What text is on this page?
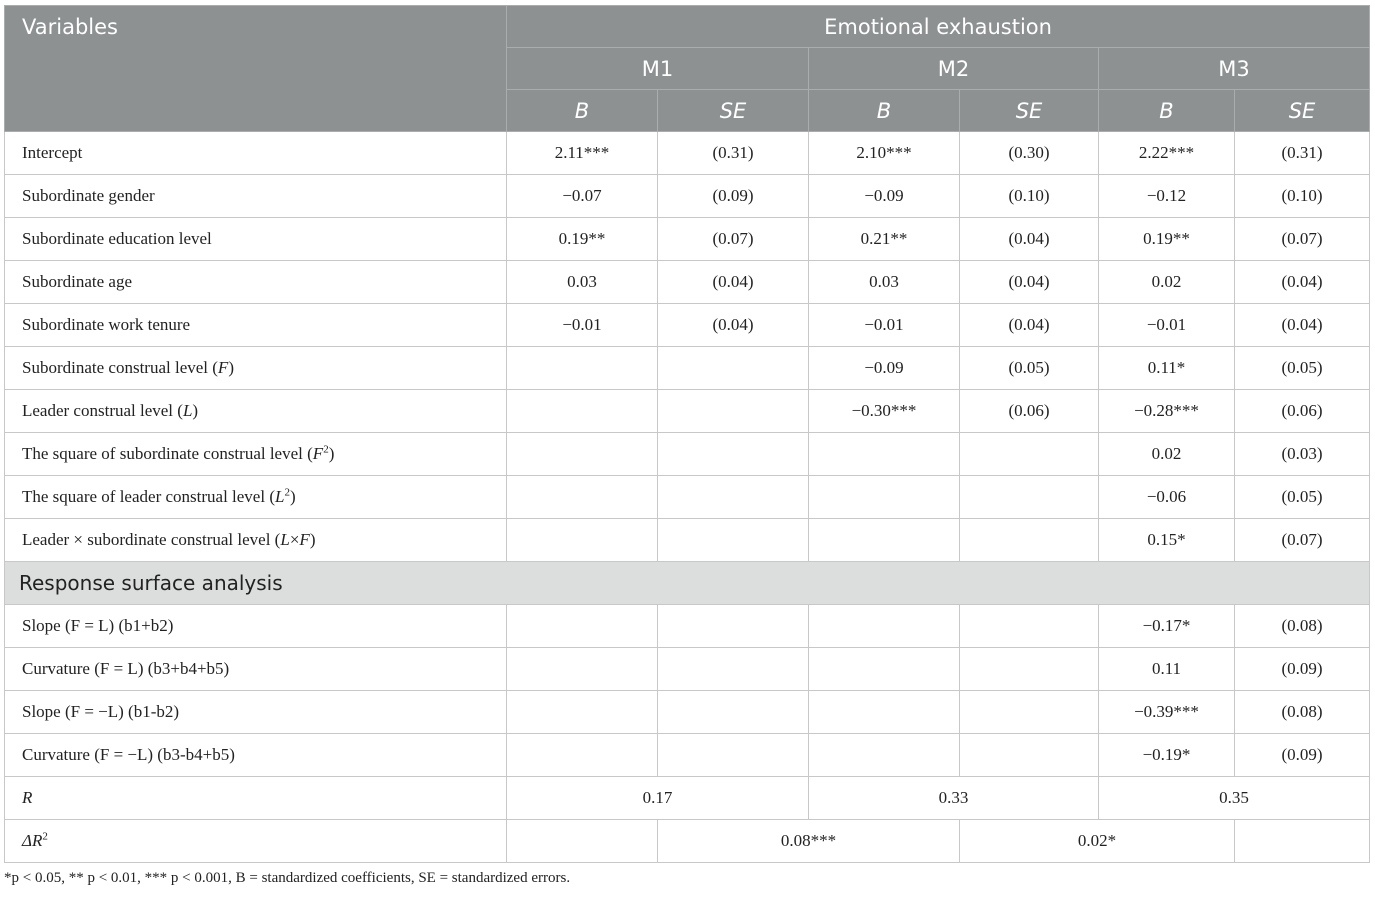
Variables	Emotional exhaustion					
	M1		M2		M3	
	B	SE	B	SE	B	SE
Intercept	2.11***	(0.31)	2.10***	(0.30)	2.22***	(0.31)
Subordinate gender	−0.07	(0.09)	−0.09	(0.10)	−0.12	(0.10)
Subordinate education level	0.19**	(0.07)	0.21**	(0.04)	0.19**	(0.07)
Subordinate age	0.03	(0.04)	0.03	(0.04)	0.02	(0.04)
Subordinate work tenure	−0.01	(0.04)	−0.01	(0.04)	−0.01	(0.04)
Subordinate construal level (F)			−0.09	(0.05)	0.11*	(0.05)
Leader construal level (L)			−0.30***	(0.06)	−0.28***	(0.06)
The square of subordinate construal level $(F^2)$					0.02	(0.03)
The square of leader construal level $(L^2)$					−0.06	(0.05)
Leader × subordinate construal level (L×F)					0.15*	(0.07)
Response surface analysis						
Slope (F = L) (b1+b2)					−0.17*	(0.08)
Curvature (F = L) (b3+b4+b5)					0.11	(0.09)
Slope (F = −L) (b1-b2)					−0.39***	(0.08)
Curvature (F = −L) (b3-b4+b5)					−0.19*	(0.09)
R	0.17		0.33		0.35	
$\Delta R^2$		0.08***		0.02*		
*p < 0.05, ** p < 0.01, *** p < 0.001, B = standardized coefficients, SE = standardized errors.
